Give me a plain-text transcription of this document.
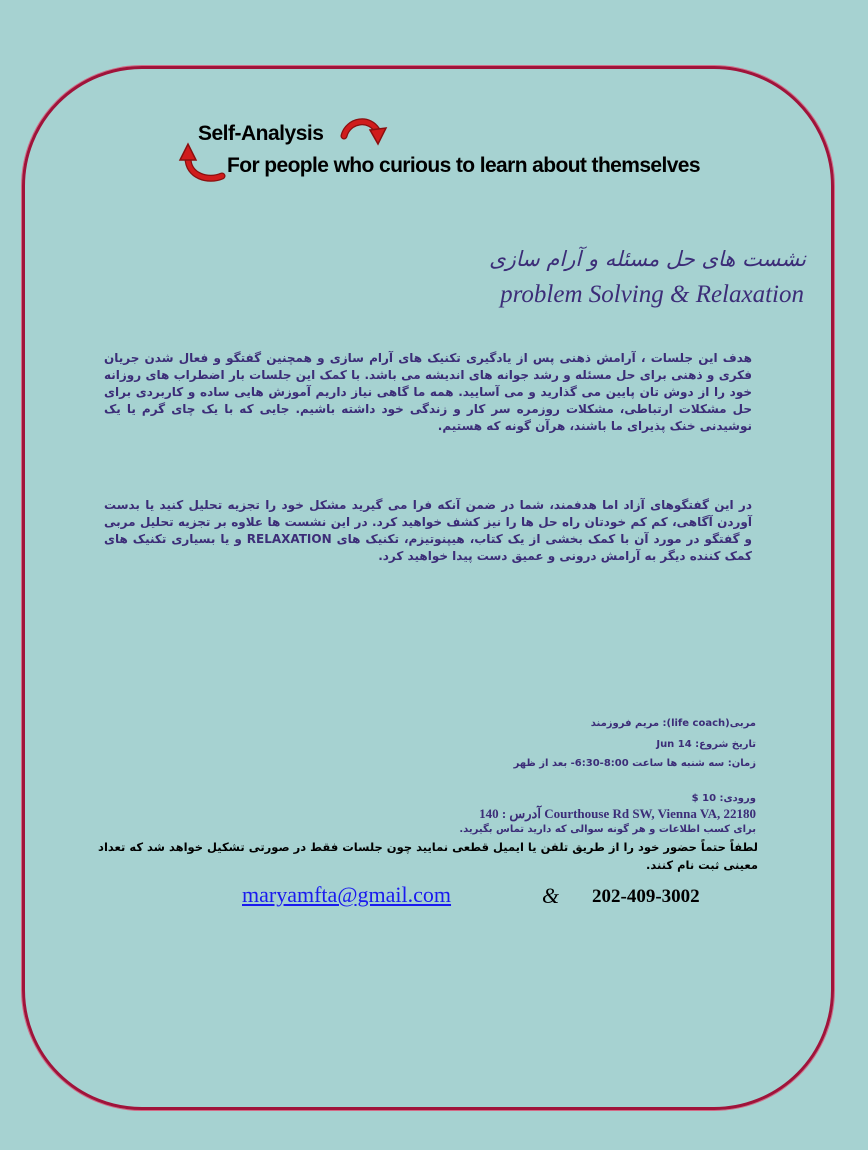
Self-Analysis
For people who curious to learn about themselves
نشست های حل مسئله و آرام سازی
problem Solving & Relaxation
هدف این جلسات ، آرامش ذهنی پس از یادگیری تکنیک های آرام سازی و همچنین گفتگو و فعال شدن جریان فکری و ذهنی برای حل مسئله و رشد جوانه های اندیشه می باشد. با کمک این جلسات بار اضطراب های روزانه خود را از دوش تان پایین می گذارید و می آسایید. همه ما گاهی نیاز داریم آموزش هایی ساده و کاربردی برای حل مشکلات ارتباطی، مشکلات روزمره سر کار و زندگی خود داشته باشیم. جایی که با یک چای گرم یا یک نوشیدنی خنک پذیرای ما باشند، هرآن گونه که هستیم.
در این گفتگوهای آزاد اما هدفمند، شما در ضمن آنکه فرا می گیرید مشکل خود را تجزیه تحلیل کنید یا بدست آوردن آگاهی، کم کم خودتان راه حل ها را نیز کشف خواهید کرد. در این نشست ها علاوه بر تجزیه تحلیل مربی و گفتگو در مورد آن با کمک بخشی از یک کتاب، هیپنوتیزم، تکنیک های RELAXATION و یا بسیاری تکنیک های کمک کننده دیگر به آرامش درونی و عمیق دست پیدا خواهید کرد.
مربی(life coach): مریم فروزمند
تاریخ شروع: Jun 14
زمان: سه شنبه ها ساعت 8:00-6:30- بعد از ظهر
ورودی: 10 $
آدرس : 140 Courthouse Rd SW, Vienna VA, 22180
برای کسب اطلاعات و هر گونه سوالی که دارید تماس بگیرید.
لطفاً حتماً حضور خود را از طریق تلفن یا ایمیل قطعی نمایید چون جلسات فقط در صورتی تشکیل خواهد شد که تعداد معینی ثبت نام کنند.
maryamfta@gmail.com	& 202-409-3002
